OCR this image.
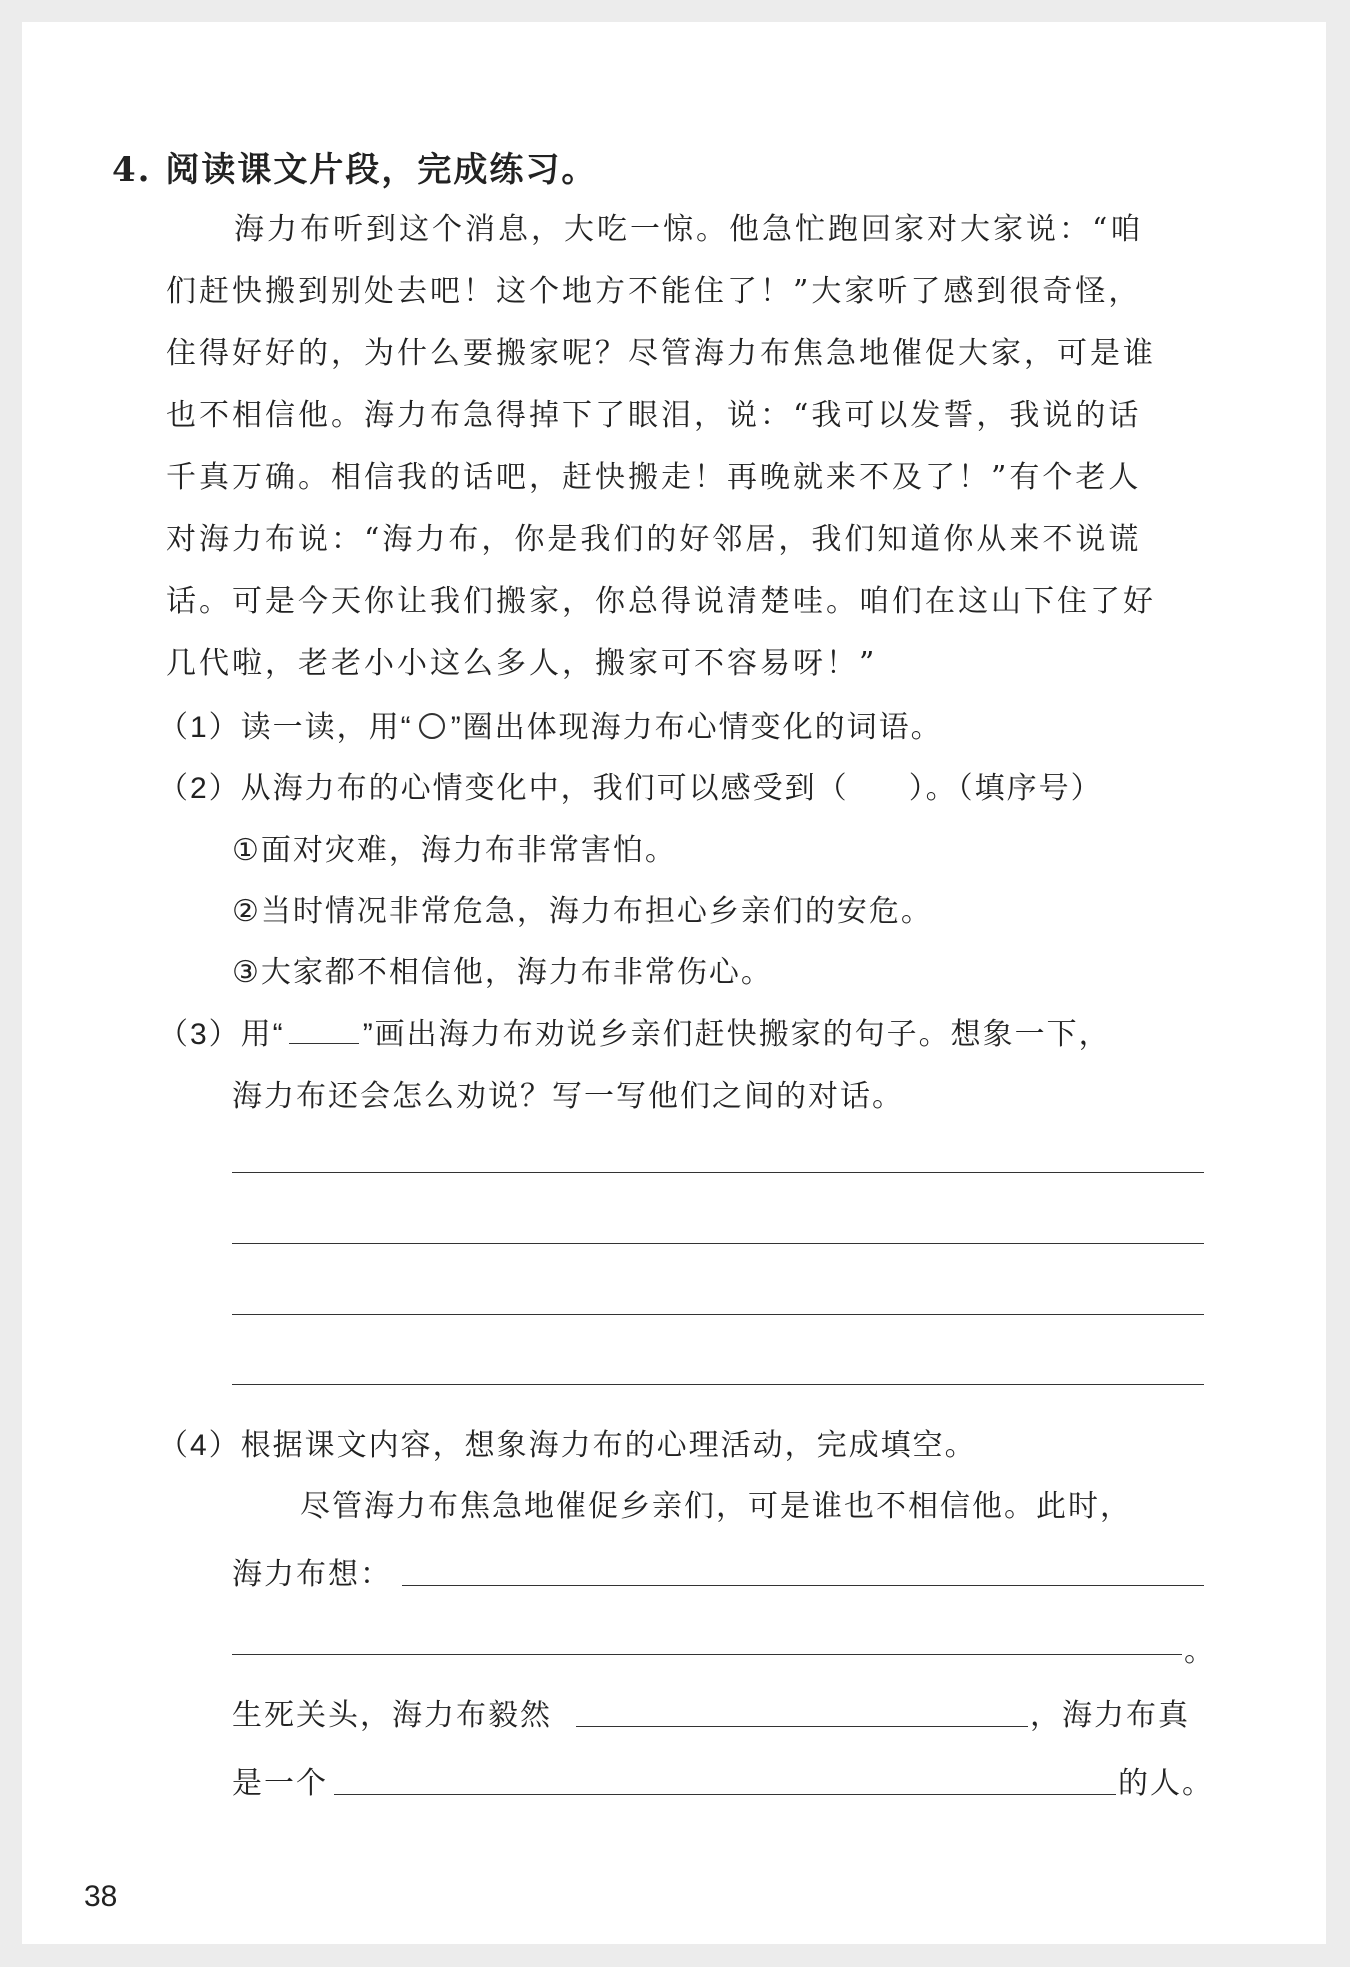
4. 阅读课文片段，完成练习。
海力布听到这个消息，大吃一惊。他急忙跑回家对大家说：“咱
们赶快搬到别处去吧！这个地方不能住了！”大家听了感到很奇怪，
住得好好的，为什么要搬家呢？尽管海力布焦急地催促大家，可是谁
也不相信他。海力布急得掉下了眼泪，说：“我可以发誓，我说的话
千真万确。相信我的话吧，赶快搬走！再晚就来不及了！”有个老人
对海力布说：“海力布，你是我们的好邻居，我们知道你从来不说谎
话。可是今天你让我们搬家，你总得说清楚哇。咱们在这山下住了好
几代啦，老老小小这么多人，搬家可不容易呀！”
（1）读一读，用“ ”圈出体现海力布心情变化的词语。
（2）从海力布的心情变化中，我们可以感受到（ ）。（填序号）
①面对灾难，海力布非常害怕。
②当时情况非常危急，海力布担心乡亲们的安危。
③大家都不相信他，海力布非常伤心。
（3）用“	”画出海力布劝说乡亲们赶快搬家的句子。想象一下，
海力布还会怎么劝说？写一写他们之间的对话。
（4）根据课文内容，想象海力布的心理活动，完成填空。
尽管海力布焦急地催促乡亲们，可是谁也不相信他。此时，
海力布想：
。
生死关头，海力布毅然	，海力布真
是一个	的人。
38
